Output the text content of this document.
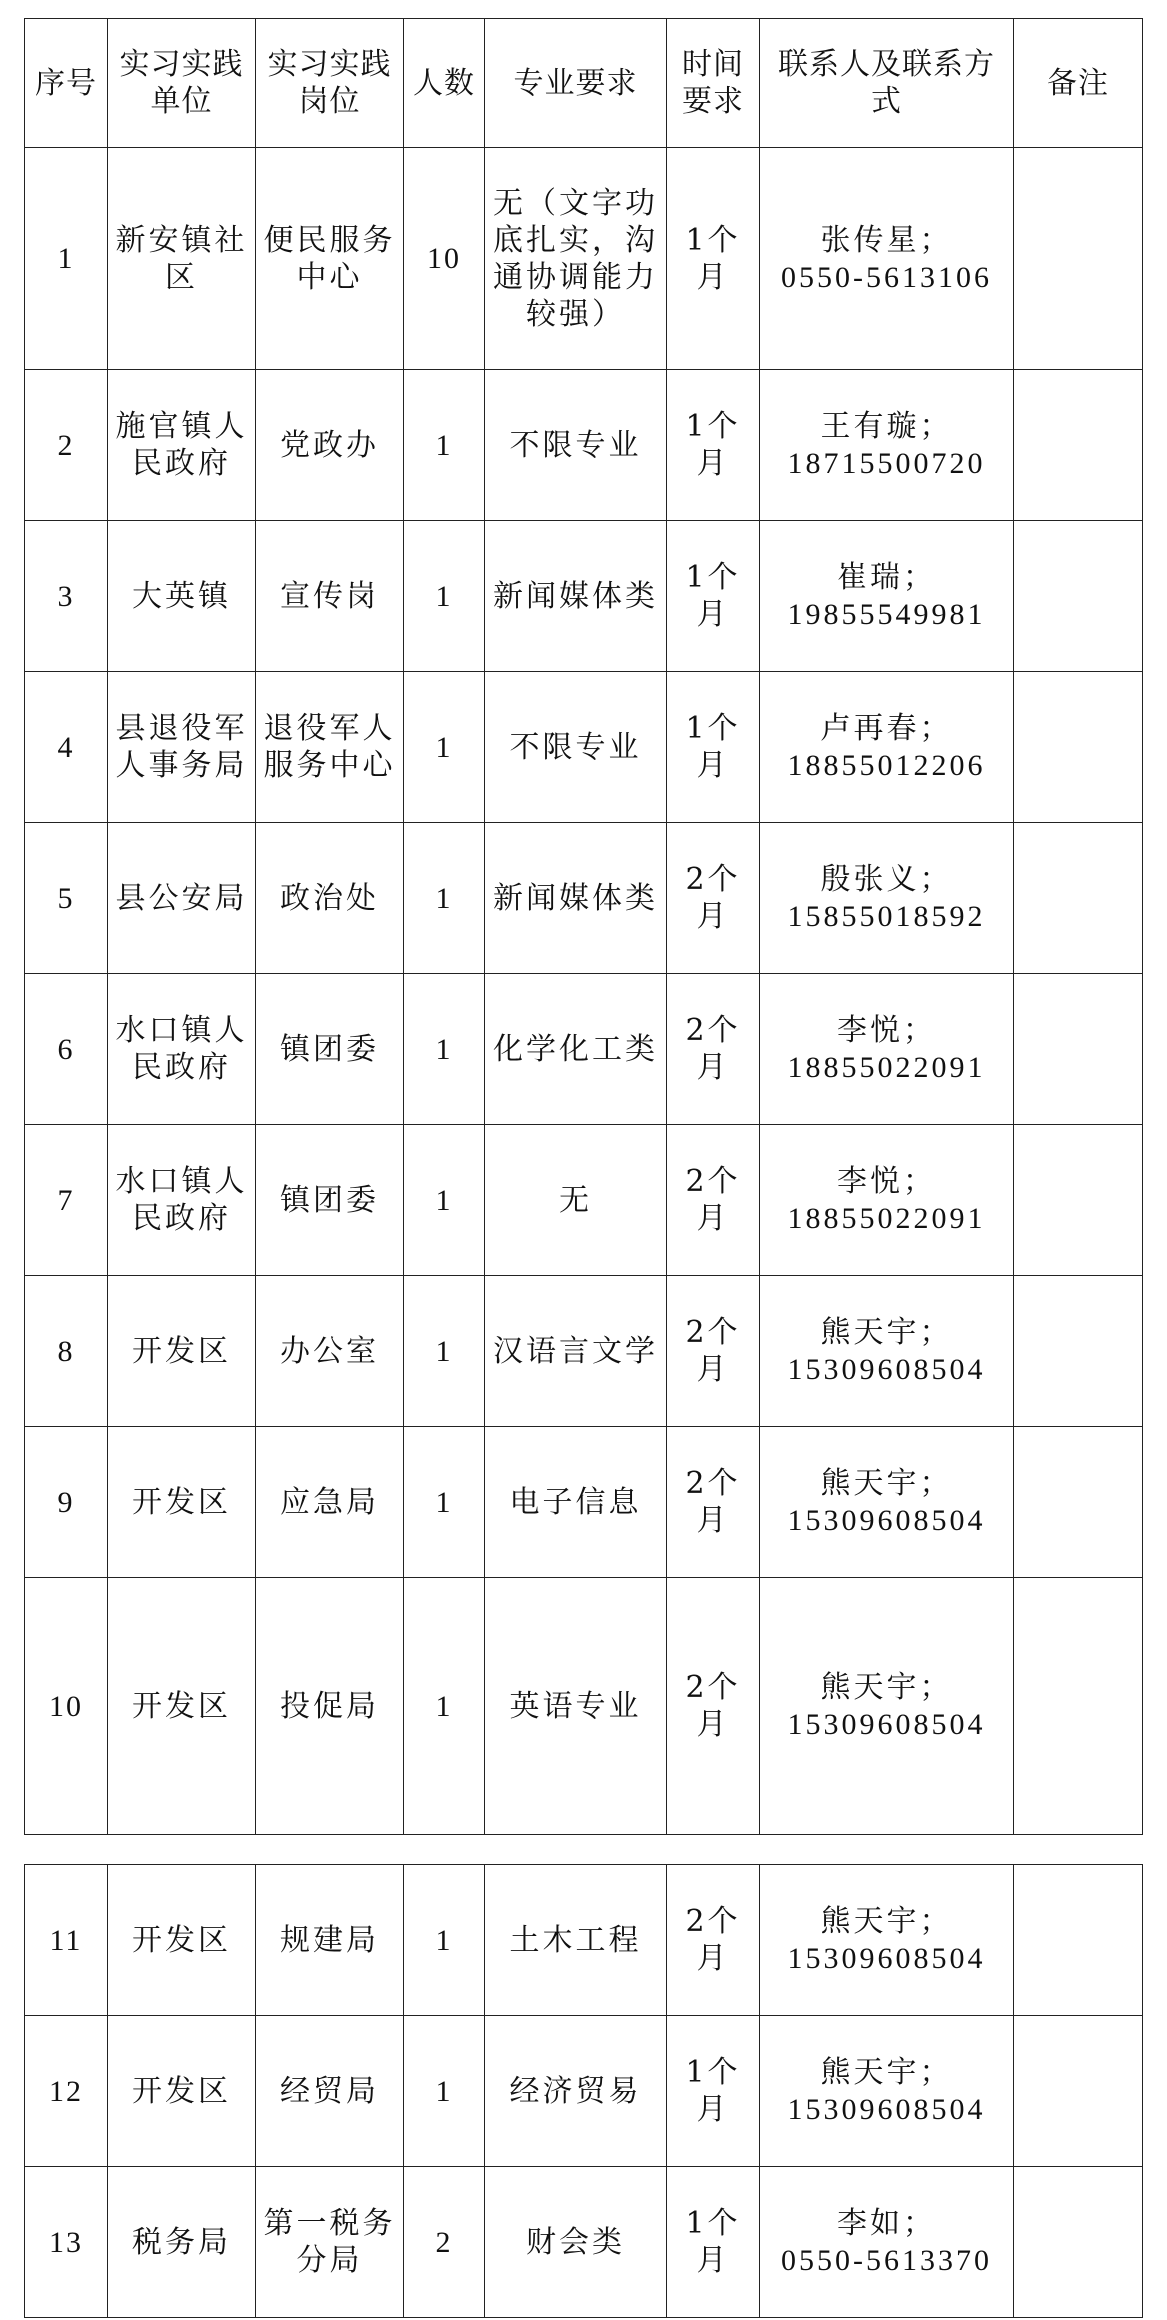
序号	实习实践单位	实习实践岗位	人数	专业要求	时间要求	联系人及联系方式	备注
1	新安镇社区	便民服务中心	10	无（文字功底扎实，沟通协调能力较强）	1个月	张传星；
0550-5613106	

2	施官镇人民政府	党政办	1	不限专业	1个月	王有璇；
18715500720	

3	大英镇	宣传岗	1	新闻媒体类	1个月	崔瑞；
19855549981	

4	县退役军人事务局	退役军人服务中心	1	不限专业	1个月	卢再春；
18855012206	

5	县公安局	政治处	1	新闻媒体类	2个月	殷张义；
15855018592	

6	水口镇人民政府	镇团委	1	化学化工类	2个月	李悦；
18855022091	

7	水口镇人民政府	镇团委	1	无	2个月	李悦；
18855022091	

8	开发区	办公室	1	汉语言文学	2个月	熊天宇；
15309608504	

9	开发区	应急局	1	电子信息	2个月	熊天宇；
15309608504	

10	开发区	投促局	1	英语专业	2个月	熊天宇；
15309608504	

11	开发区	规建局	1	土木工程	2个月	熊天宇；
15309608504	

12	开发区	经贸局	1	经济贸易	1个月	熊天宇；
15309608504	

13	税务局	第一税务分局	2	财会类	1个月	李如；
0550-5613370	
